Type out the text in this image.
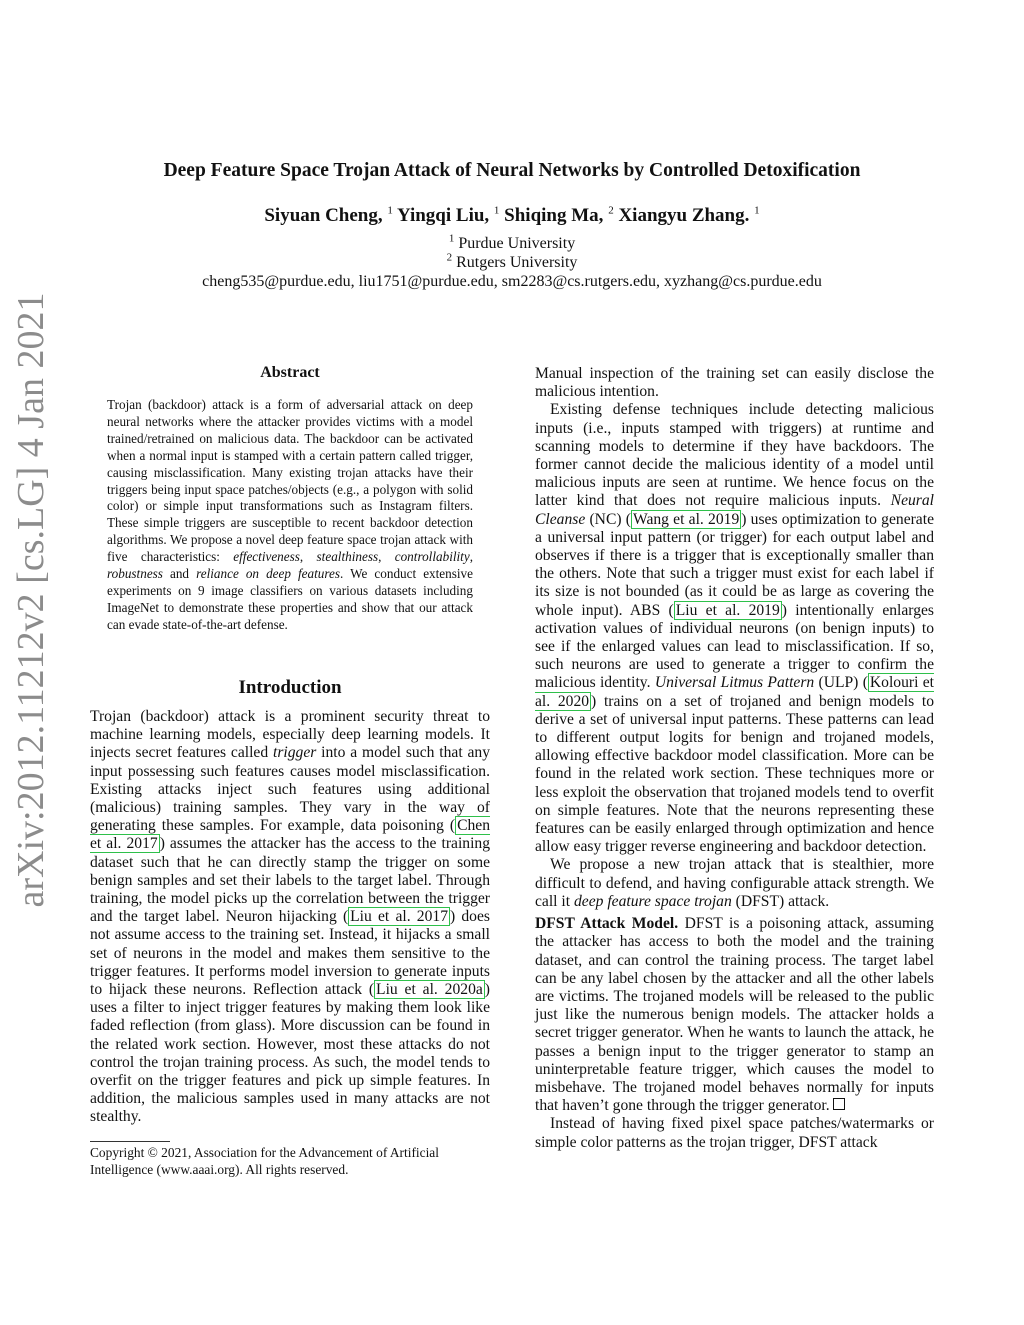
Deep Feature Space Trojan Attack of Neural Networks by Controlled Detoxification
Siyuan Cheng, $^1$ Yingqi Liu, $^1$ Shiqing Ma, $^2$ Xiangyu Zhang. $^1$
$^1$ Purdue University
$^2$ Rutgers University
cheng535@purdue.edu, liu1751@purdue.edu, sm2283@cs.rutgers.edu, xyzhang@cs.purdue.edu
arXiv:2012.11212v2 [cs.LG] 4 Jan 2021	Abstract
Trojan (backdoor) attack is a form of adversarial attack on deep neural networks where the attacker provides victims with a model trained/retrained on malicious data. The backdoor can be activated when a normal input is stamped with a certain pattern called trigger, causing misclassification. Many existing trojan attacks have their triggers being input space patches/objects (e.g., a polygon with solid color) or simple input transformations such as Instagram filters. These simple triggers are susceptible to recent backdoor detection algorithms. We propose a novel deep feature space trojan attack with five characteristics: effectiveness, stealthiness, controllability, robustness and reliance on deep features. We conduct extensive experiments on 9 image classifiers on various datasets including ImageNet to demonstrate these properties and show that our attack can evade state-of-the-art defense.
Introduction
Trojan (backdoor) attack is a prominent security threat to machine learning models, especially deep learning models. It injects secret features called trigger into a model such that any input possessing such features causes model misclassification. Existing attacks inject such features using additional (malicious) training samples. They vary in the way of generating these samples. For example, data poisoning ( Chen et al. 2017 ) assumes the attacker has the access to the training dataset such that he can directly stamp the trigger on some benign samples and set their labels to the target label. Through training, the model picks up the correlation between the trigger and the target label. Neuron hijacking ( Liu et al. 2017 ) does not assume access to the training set. Instead, it hijacks a small set of neurons in the model and makes them sensitive to the trigger features. It performs model inversion to generate inputs to hijack these neurons. Reflection attack ( Liu et al. 2020a ) uses a filter to inject trigger features by making them look like faded reflection (from glass). More discussion can be found in the related work section. However, most these attacks do not control the trojan training process. As such, the model tends to overfit on the trigger features and pick up simple features. In addition, the malicious samples used in many attacks are not stealthy.
Copyright © 2021, Association for the Advancement of Artificial Intelligence (www.aaai.org). All rights reserved.

Manual inspection of the training set can easily disclose the malicious intention.

Existing defense techniques include detecting malicious inputs (i.e., inputs stamped with triggers) at runtime and scanning models to determine if they have backdoors. The former cannot decide the malicious identity of a model until malicious inputs are seen at runtime. We hence focus on the latter kind that does not require malicious inputs. Neural Cleanse (NC) ( Wang et al. 2019 ) uses optimization to generate a universal input pattern (or trigger) for each output label and observes if there is a trigger that is exceptionally smaller than the others. Note that such a trigger must exist for each label if its size is not bounded (as it could be as large as covering the whole input). ABS ( Liu et al. 2019 ) intentionally enlarges activation values of individual neurons (on benign inputs) to see if the enlarged values can lead to misclassification. If so, such neurons are used to generate a trigger to confirm the malicious identity. Universal Litmus Pattern (ULP) ( Kolouri et al. 2020 ) trains on a set of trojaned and benign models to derive a set of universal input patterns. These patterns can lead to different output logits for benign and trojaned models, allowing effective backdoor model classification. More can be found in the related work section. These techniques more or less exploit the observation that trojaned models tend to overfit on simple features. Note that the neurons representing these features can be easily enlarged through optimization and hence allow easy trigger reverse engineering and backdoor detection.

We propose a new trojan attack that is stealthier, more difficult to defend, and having configurable attack strength. We call it deep feature space trojan (DFST) attack.

DFST Attack Model. DFST is a poisoning attack, assuming the attacker has access to both the model and the training dataset, and can control the training process. The target label can be any label chosen by the attacker and all the other labels are victims. The trojaned models will be released to the public just like the numerous benign models. The attacker holds a secret trigger generator. When he wants to launch the attack, he passes a benign input to the trigger generator to stamp an uninterpretable feature trigger, which causes the model to misbehave. The trojaned model behaves normally for inputs that haven’t gone through the trigger generator.

Instead of having fixed pixel space patches/watermarks or simple color patterns as the trojan trigger, DFST attack
